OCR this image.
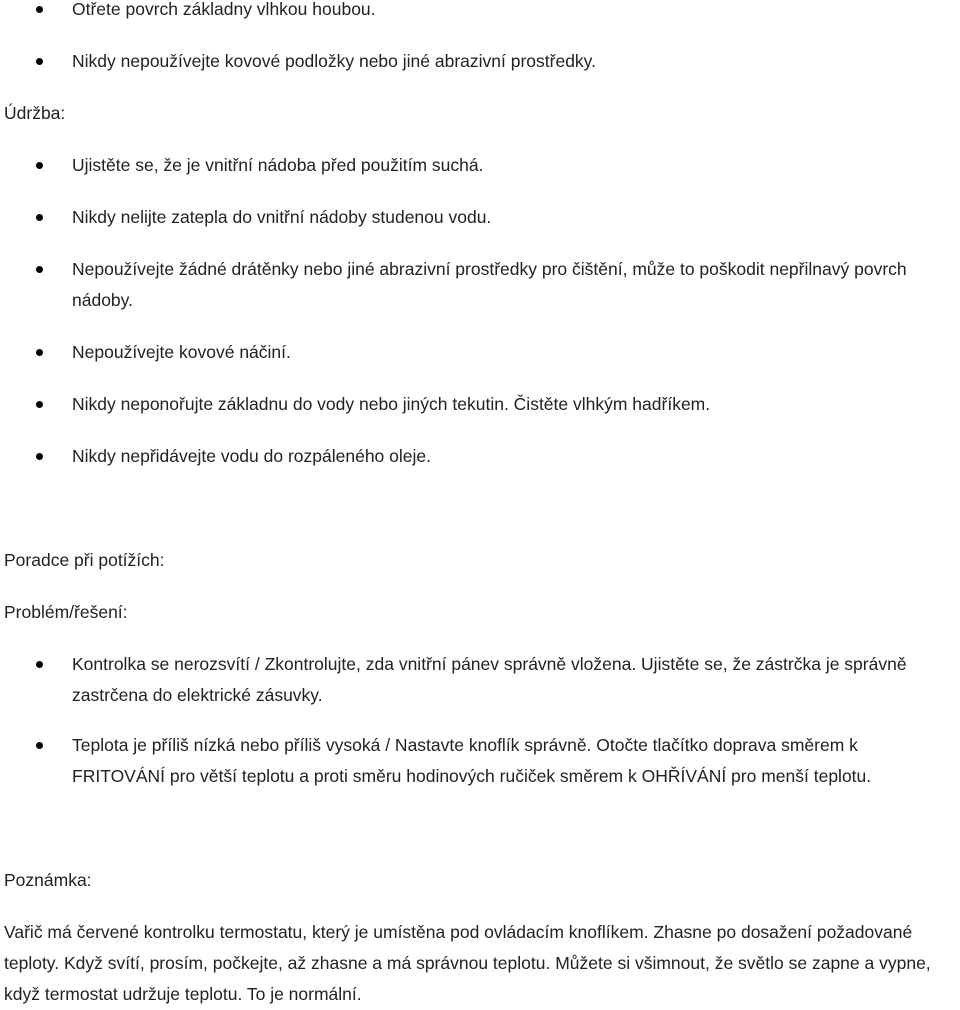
Otřete povrch základny vlhkou houbou.
Nikdy nepoužívejte kovové podložky nebo jiné abrazivní prostředky.

Údržba:

Ujistěte se, že je vnitřní nádoba před použitím suchá.
Nikdy nelijte zatepla do vnitřní nádoby studenou vodu.
Nepoužívejte žádné drátěnky nebo jiné abrazivní prostředky pro čištění, může to poškodit nepřilnavý povrch nádoby.
Nepoužívejte kovové náčiní.
Nikdy neponořujte základnu do vody nebo jiných tekutin. Čistěte vlhkým hadříkem.
Nikdy nepřidávejte vodu do rozpáleného oleje.

Poradce při potížích:

Problém/řešení:

Kontrolka se nerozsvítí / Zkontrolujte, zda vnitřní pánev správně vložena. Ujistěte se, že zástrčka je správně zastrčena do elektrické zásuvky.
Teplota je příliš nízká nebo příliš vysoká / Nastavte knoflík správně. Otočte tlačítko doprava směrem k FRITOVÁNÍ pro větší teplotu a proti směru hodinových ručiček směrem k OHŘÍVÁNÍ pro menší teplotu.

Poznámka:

Vařič má červené kontrolku termostatu, který je umístěna pod ovládacím knoflíkem. Zhasne po dosažení požadované teploty. Když svítí, prosím, počkejte, až zhasne a má správnou teplotu. Můžete si všimnout, že světlo se zapne a vypne, když termostat udržuje teplotu. To je normální.
